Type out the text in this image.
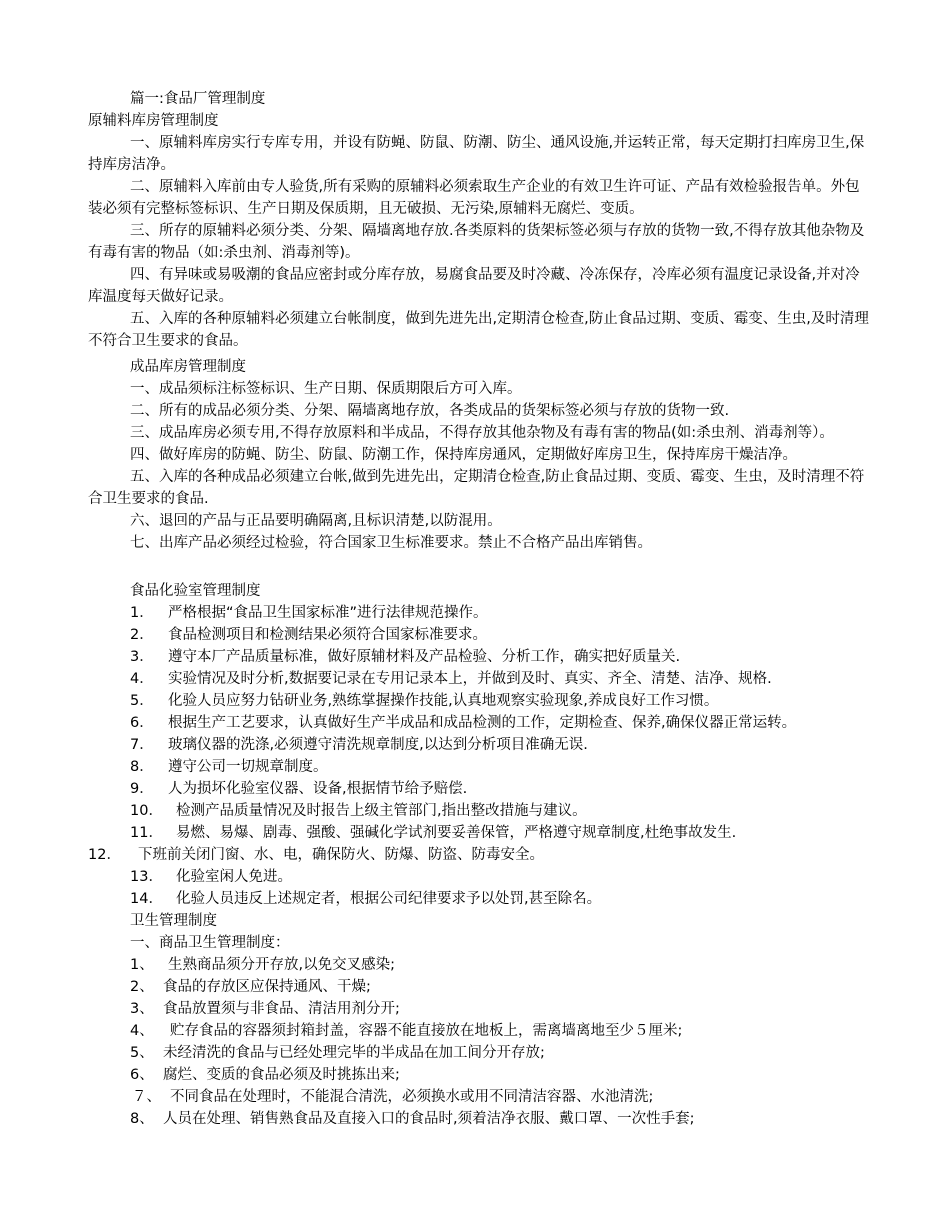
篇一:食品厂管理制度
原辅料库房管理制度

一、原辅料库房实行专库专用，并设有防蝇、防鼠、防潮、防尘、通风设施,并运转正常，每天定期打扫库房卫生,保持库房洁净。

二、原辅料入库前由专人验货,所有采购的原辅料必须索取生产企业的有效卫生许可证、产品有效检验报告单。外包装必须有完整标签标识、生产日期及保质期，且无破损、无污染,原辅料无腐烂、变质。

三、所存的原辅料必须分类、分架、隔墙离地存放.各类原料的货架标签必须与存放的货物一致,不得存放其他杂物及有毒有害的物品（如:杀虫剂、消毒剂等)。

四、有异味或易吸潮的食品应密封或分库存放，易腐食品要及时冷藏、冷冻保存，冷库必须有温度记录设备,并对冷库温度每天做好记录。

五、入库的各种原辅料必须建立台帐制度，做到先进先出,定期清仓检查,防止食品过期、变质、霉变、生虫,及时清理不符合卫生要求的食品。

成品库房管理制度

一、成品须标注标签标识、生产日期、保质期限后方可入库。

二、所有的成品必须分类、分架、隔墙离地存放，各类成品的货架标签必须与存放的货物一致.

三、成品库房必须专用,不得存放原料和半成品，不得存放其他杂物及有毒有害的物品(如:杀虫剂、消毒剂等）。

四、做好库房的防蝇、防尘、防鼠、防潮工作，保持库房通风，定期做好库房卫生，保持库房干燥洁净。

五、入库的各种成品必须建立台帐,做到先进先出，定期清仓检查,防止食品过期、变质、霉变、生虫，及时清理不符合卫生要求的食品.

六、退回的产品与正品要明确隔离,且标识清楚,以防混用。

七、出库产品必须经过检验，符合国家卫生标准要求。禁止不合格产品出库销售。

食品化验室管理制度
1． 严格根据“食品卫生国家标准”进行法律规范操作。
2． 食品检测项目和检测结果必须符合国家标准要求。
3． 遵守本厂产品质量标准，做好原辅材料及产品检验、分析工作，确实把好质量关.
4． 实验情况及时分析,数据要记录在专用记录本上，并做到及时、真实、齐全、清楚、洁净、规格.
5． 化验人员应努力钻研业务,熟练掌握操作技能,认真地观察实验现象,养成良好工作习惯。
6． 根据生产工艺要求，认真做好生产半成品和成品检测的工作，定期检查、保养,确保仪器正常运转。
7． 玻璃仪器的洗涤,必须遵守清洗规章制度,以达到分析项目准确无误.
8． 遵守公司一切规章制度。
9． 人为损坏化验室仪器、设备,根据情节给予赔偿.
10． 检测产品质量情况及时报告上级主管部门,指出整改措施与建议。
11． 易燃、易爆、剧毒、强酸、强碱化学试剂要妥善保管，严格遵守规章制度,杜绝事故发生.
12． 下班前关闭门窗、水、电，确保防火、防爆、防盗、防毒安全。
13． 化验室闲人免进。
14． 化验人员违反上述规定者，根据公司纪律要求予以处罚,甚至除名。
卫生管理制度
一、商品卫生管理制度：
1、 生熟商品须分开存放,以免交叉感染;
2、 食品的存放区应保持通风、干燥;
3、 食品放置须与非食品、清洁用剂分开;
4、 贮存食品的容器须封箱封盖，容器不能直接放在地板上，需离墙离地至少５厘米;
5、 未经清洗的食品与已经处理完毕的半成品在加工间分开存放;
6、 腐烂、变质的食品必须及时挑拣出来;
７、 不同食品在处理时，不能混合清洗，必须换水或用不同清洁容器、水池清洗;
8、 人员在处理、销售熟食品及直接入口的食品时,须着洁净衣服、戴口罩、一次性手套;
